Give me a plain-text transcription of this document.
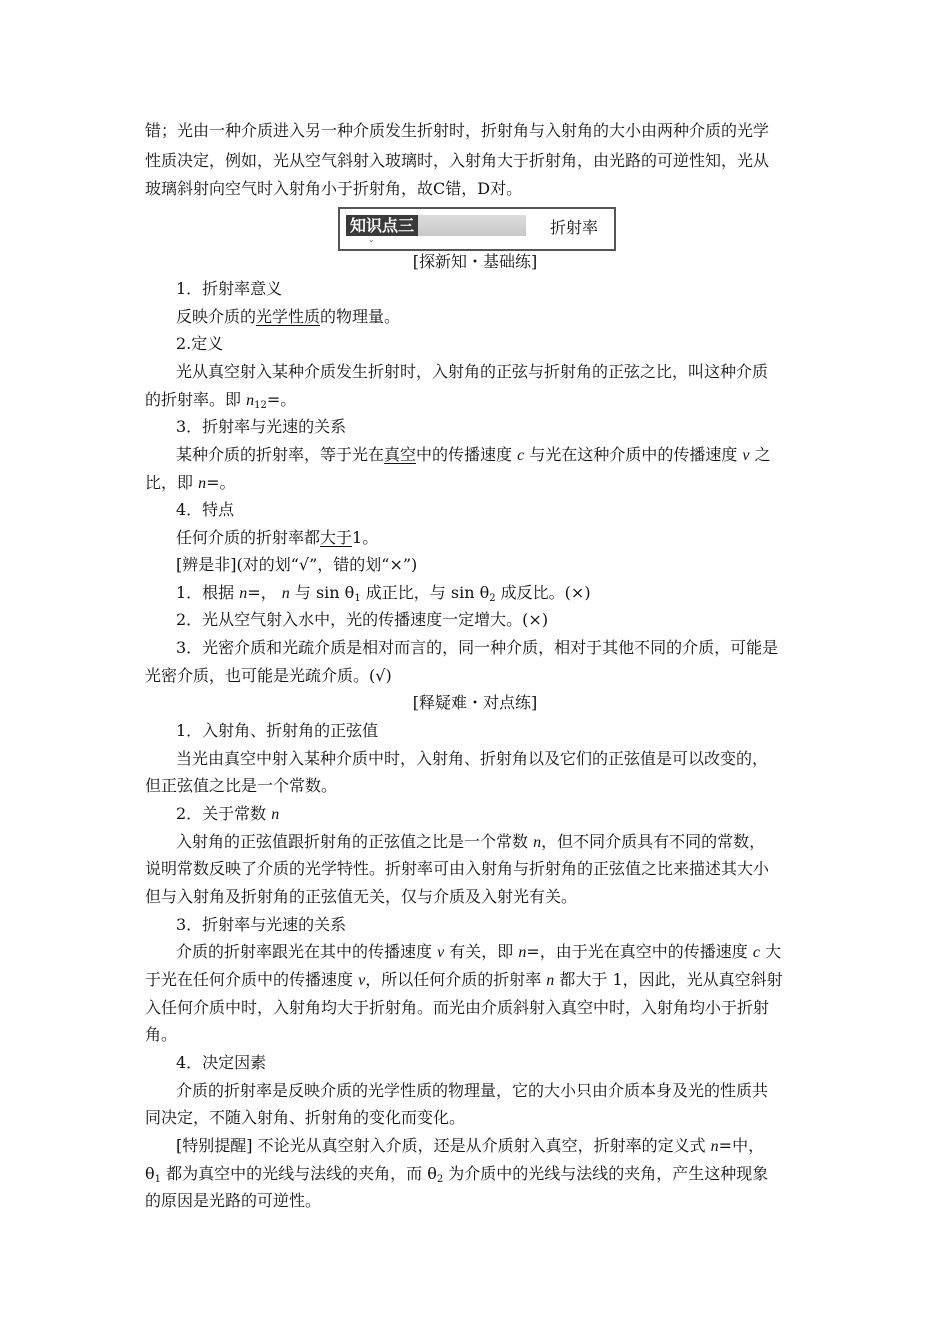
错；光由一种介质进入另一种介质发生折射时，折射角与入射角的大小由两种介质的光学
性质决定，例如，光从空气斜射入玻璃时，入射角大于折射角，由光路的可逆性知，光从
玻璃斜射向空气时入射角小于折射角，故C错，D对。
知识点三
⌄
折射率
[探新知・基础练]
1．折射率意义
反映介质的光学性质的物理量。
2.定义
光从真空射入某种介质发生折射时，入射角的正弦与折射角的正弦之比，叫这种介质
的折射率。即 $n_{12}=$。
3．折射率与光速的关系
某种介质的折射率，等于光在真空中的传播速度 c 与光在这种介质中的传播速度 v 之
比，即 n=。
4．特点
任何介质的折射率都大于1。
[辨是非](对的划“√”，错的划“×”)
1．根据 n=， n 与 $\sin \theta_1$ 成正比，与 $\sin \theta_2$ 成反比。(×)
2．光从空气射入水中，光的传播速度一定增大。(×)
3．光密介质和光疏介质是相对而言的，同一种介质，相对于其他不同的介质，可能是
光密介质，也可能是光疏介质。(√)
[释疑难・对点练]
1．入射角、折射角的正弦值
当光由真空中射入某种介质中时，入射角、折射角以及它们的正弦值是可以改变的，
但正弦值之比是一个常数。
2．关于常数 n
入射角的正弦值跟折射角的正弦值之比是一个常数 n，但不同介质具有不同的常数，
说明常数反映了介质的光学特性。折射率可由入射角与折射角的正弦值之比来描述其大小
但与入射角及折射角的正弦值无关，仅与介质及入射光有关。
3．折射率与光速的关系
介质的折射率跟光在其中的传播速度 v 有关，即 n=，由于光在真空中的传播速度 c 大
于光在任何介质中的传播速度 v，所以任何介质的折射率 n 都大于 1，因此，光从真空斜射
入任何介质中时，入射角均大于折射角。而光由介质斜射入真空中时，入射角均小于折射
角。
4．决定因素
介质的折射率是反映介质的光学性质的物理量，它的大小只由介质本身及光的性质共
同决定，不随入射角、折射角的变化而变化。
[特别提醒] 不论光从真空射入介质，还是从介质射入真空，折射率的定义式 n=中，
$\theta_1$ 都为真空中的光线与法线的夹角，而 $\theta_2$ 为介质中的光线与法线的夹角，产生这种现象
的原因是光路的可逆性。
